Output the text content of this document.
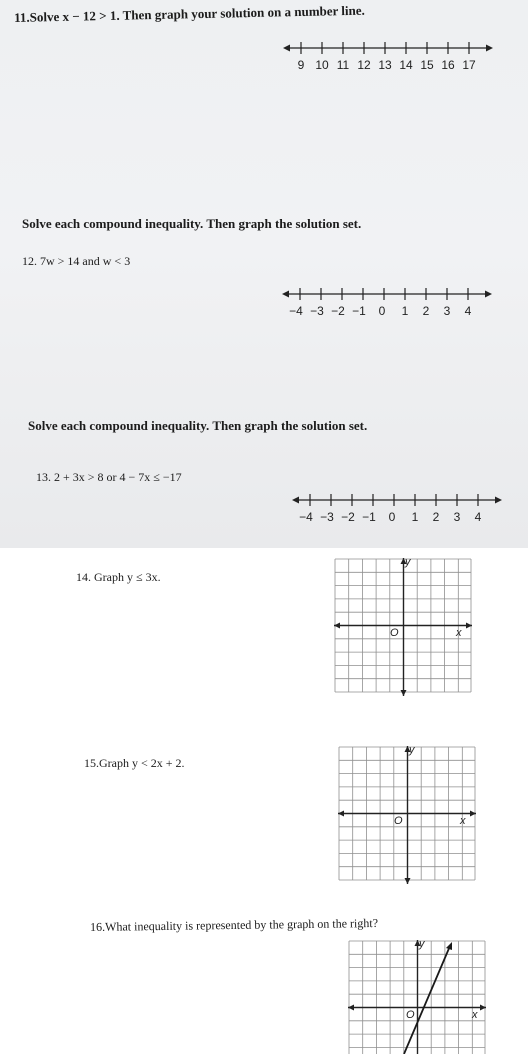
11.Solve x − 12 > 1. Then graph your solution on a number line.
9 10 11 12 13 14 15 16 17
Solve each compound inequality. Then graph the solution set.
12. 7w > 14 and w < 3
−4 −3 −2 −1 0 1 2 3 4
Solve each compound inequality. Then graph the solution set.
13. 2 + 3x > 8 or 4 − 7x ≤ −17
−4 −3 −2 −1 0 1 2 3 4
14. Graph y ≤ 3x.
y
x
O
15.Graph y < 2x + 2.
y
x
O
16.What inequality is represented by the graph on the right?
y
x
O
